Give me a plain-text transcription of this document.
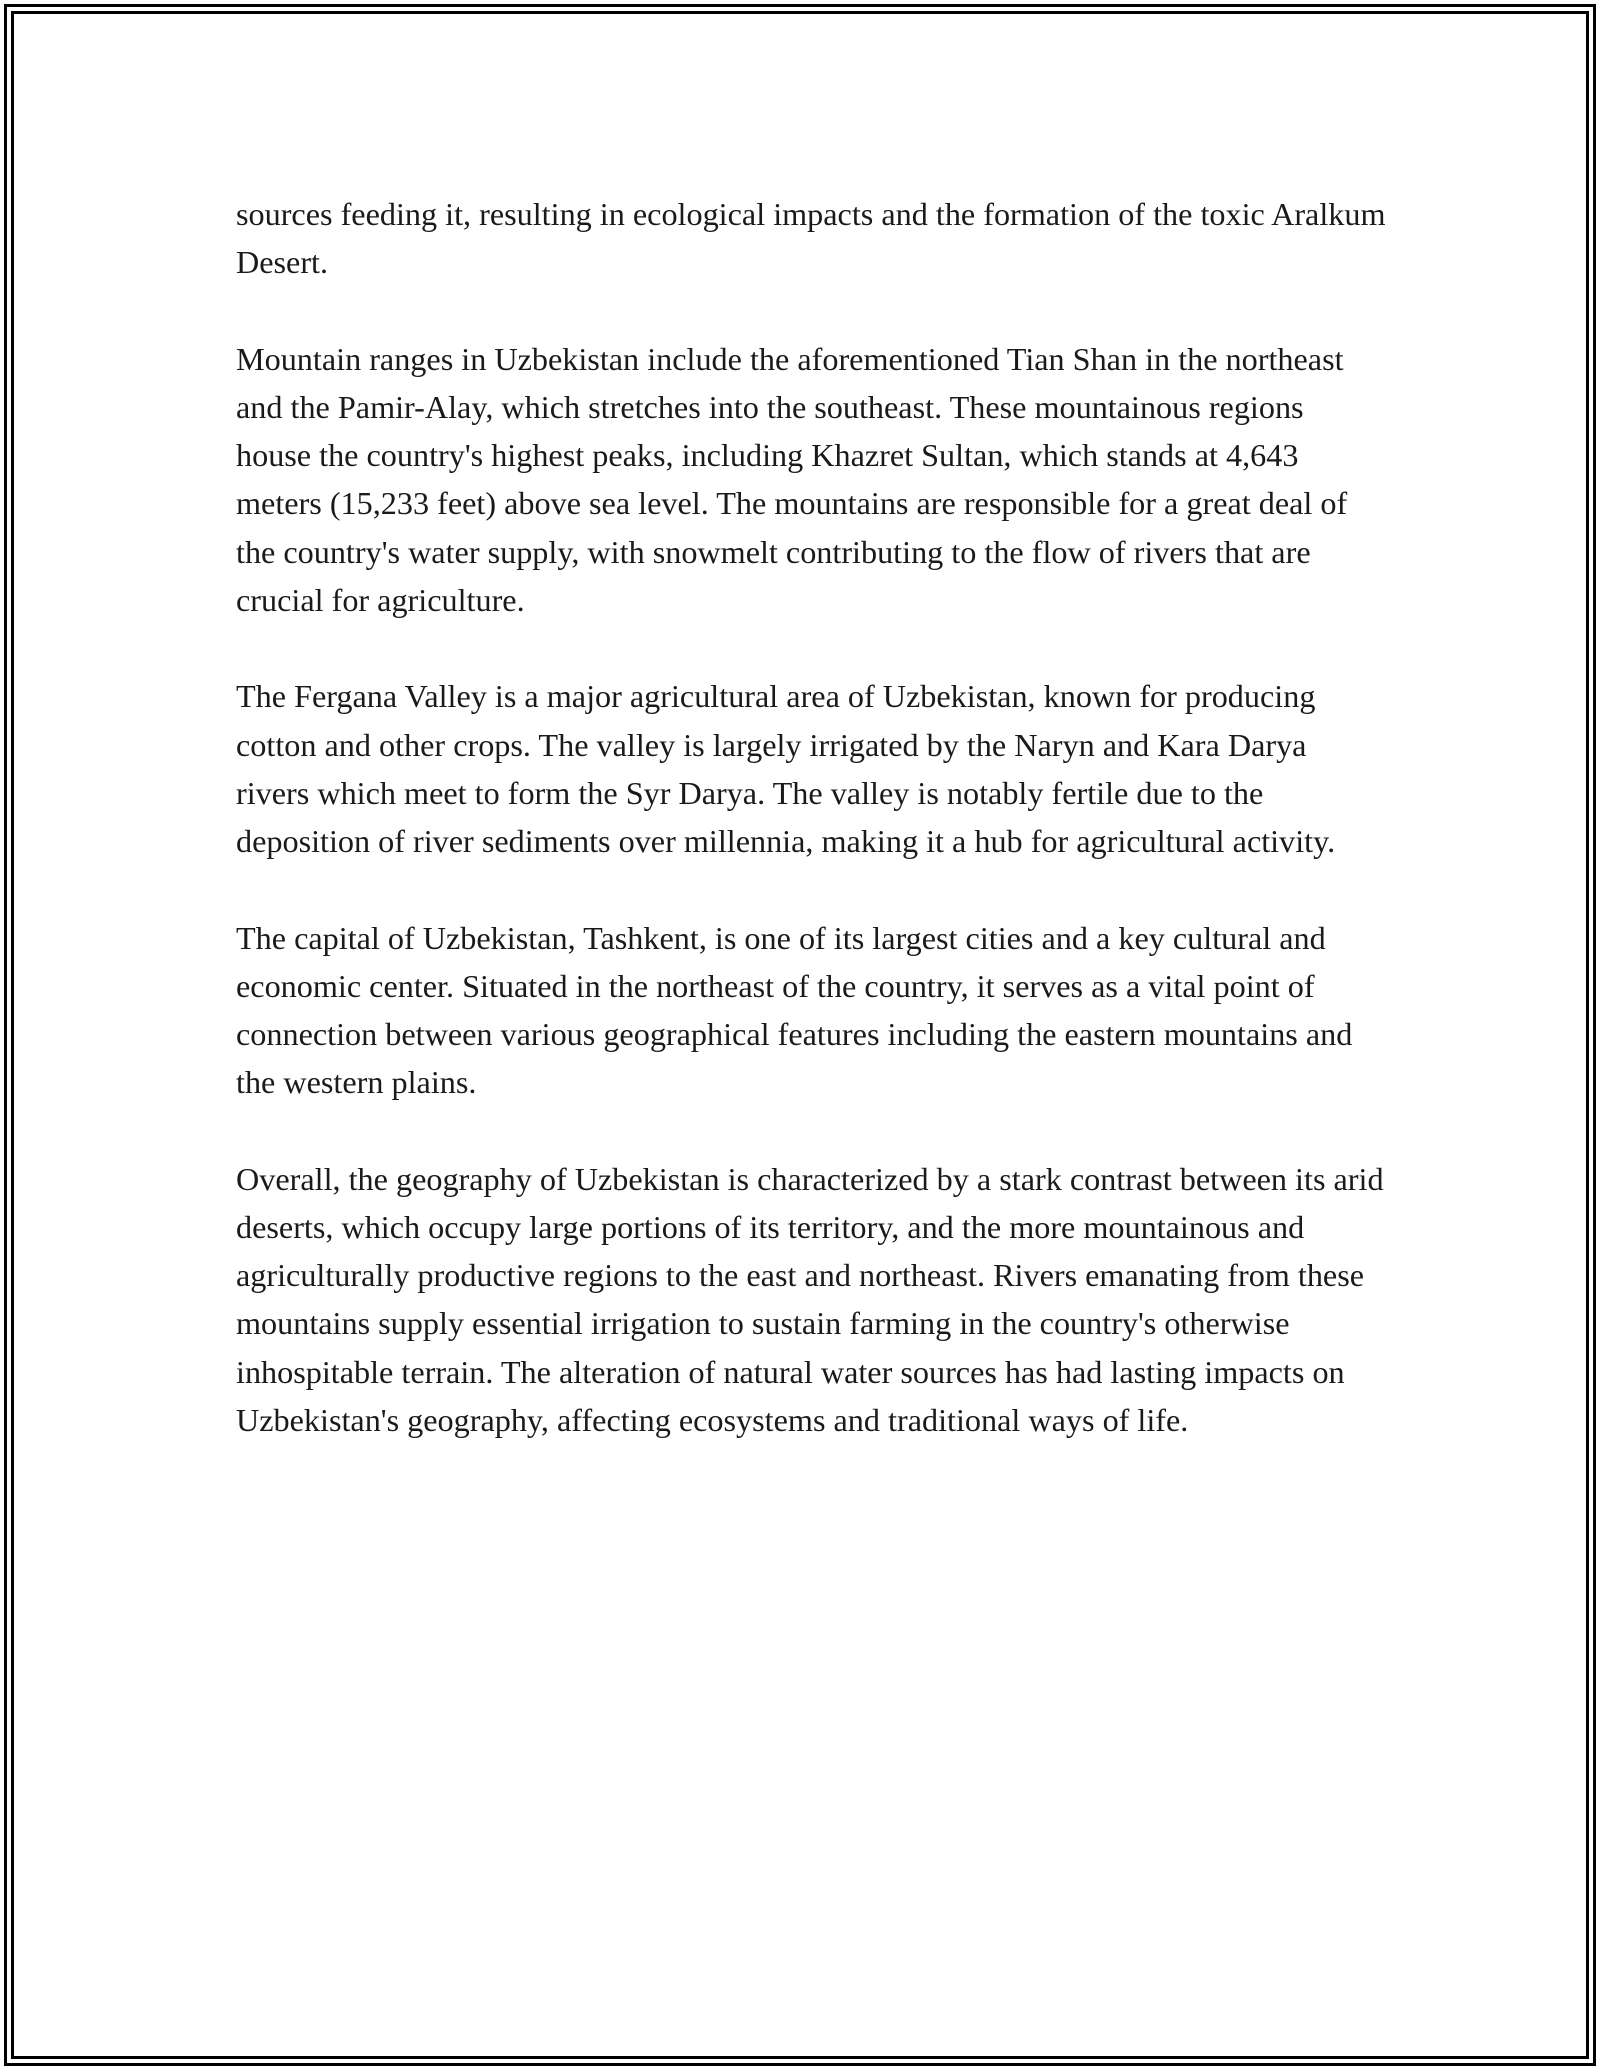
sources feeding it, resulting in ecological impacts and the formation of the toxic Aralkum Desert.

Mountain ranges in Uzbekistan include the aforementioned Tian Shan in the northeast and the Pamir-Alay, which stretches into the southeast. These mountainous regions house the country's highest peaks, including Khazret Sultan, which stands at 4,643 meters (15,233 feet) above sea level. The mountains are responsible for a great deal of the country's water supply, with snowmelt contributing to the flow of rivers that are crucial for agriculture.

The Fergana Valley is a major agricultural area of Uzbekistan, known for producing cotton and other crops. The valley is largely irrigated by the Naryn and Kara Darya rivers which meet to form the Syr Darya. The valley is notably fertile due to the deposition of river sediments over millennia, making it a hub for agricultural activity.

The capital of Uzbekistan, Tashkent, is one of its largest cities and a key cultural and economic center. Situated in the northeast of the country, it serves as a vital point of connection between various geographical features including the eastern mountains and the western plains.

Overall, the geography of Uzbekistan is characterized by a stark contrast between its arid deserts, which occupy large portions of its territory, and the more mountainous and agriculturally productive regions to the east and northeast. Rivers emanating from these mountains supply essential irrigation to sustain farming in the country's otherwise inhospitable terrain. The alteration of natural water sources has had lasting impacts on Uzbekistan's geography, affecting ecosystems and traditional ways of life.
